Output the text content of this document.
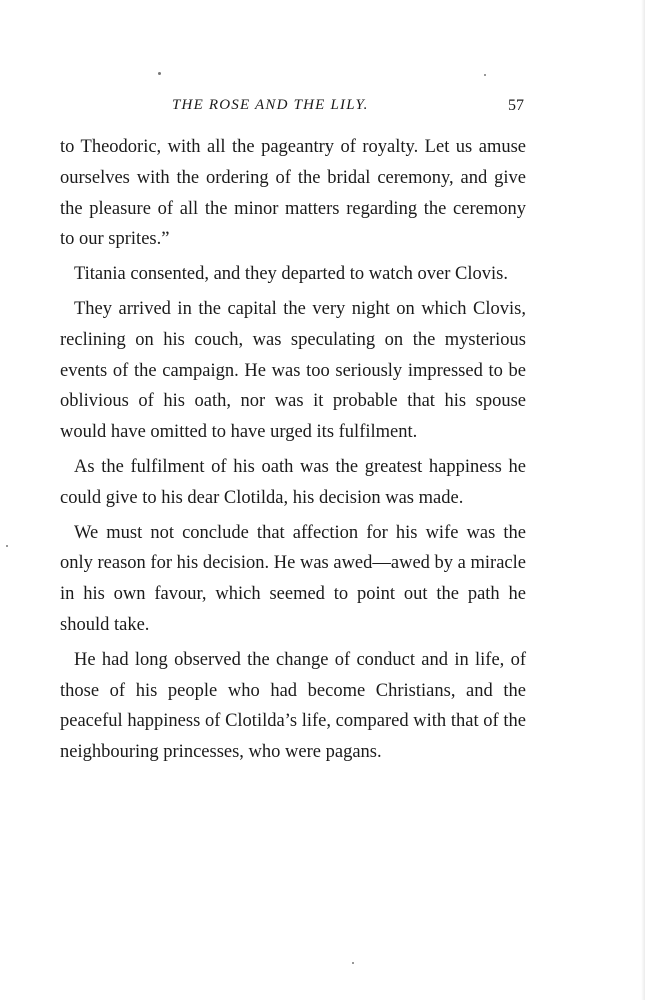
THE ROSE AND THE LILY.	57

to Theodoric, with all the pageantry of royalty. Let us amuse ourselves with the ordering of the bridal ceremony, and give the pleasure of all the minor matters regarding the ceremony to our sprites.”

Titania consented, and they departed to watch over Clovis.

They arrived in the capital the very night on which Clovis, reclining on his couch, was speculating on the mysterious events of the campaign. He was too seriously impressed to be oblivious of his oath, nor was it probable that his spouse would have omitted to have urged its fulfilment.

As the fulfilment of his oath was the greatest happiness he could give to his dear Clotilda, his decision was made.

We must not conclude that affection for his wife was the only reason for his decision. He was awed—awed by a miracle in his own favour, which seemed to point out the path he should take.

He had long observed the change of conduct and in life, of those of his people who had become Christians, and the peaceful happiness of Clotilda’s life, compared with that of the neighbouring princesses, who were pagans.
